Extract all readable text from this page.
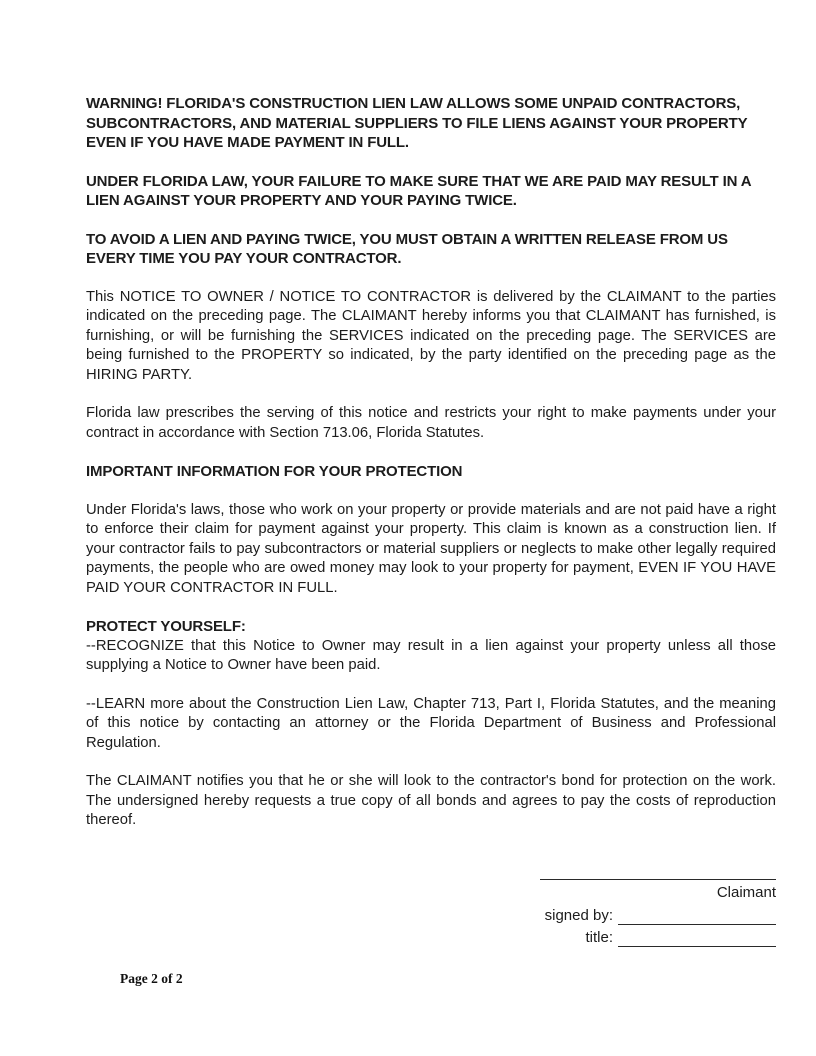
WARNING! FLORIDA'S CONSTRUCTION LIEN LAW ALLOWS SOME UNPAID CONTRACTORS, SUBCONTRACTORS, AND MATERIAL SUPPLIERS TO FILE LIENS AGAINST YOUR PROPERTY EVEN IF YOU HAVE MADE PAYMENT IN FULL.

UNDER FLORIDA LAW, YOUR FAILURE TO MAKE SURE THAT WE ARE PAID MAY RESULT IN A LIEN AGAINST YOUR PROPERTY AND YOUR PAYING TWICE.

TO AVOID A LIEN AND PAYING TWICE, YOU MUST OBTAIN A WRITTEN RELEASE FROM US EVERY TIME YOU PAY YOUR CONTRACTOR.

This NOTICE TO OWNER / NOTICE TO CONTRACTOR is delivered by the CLAIMANT to the parties indicated on the preceding page. The CLAIMANT hereby informs you that CLAIMANT has furnished, is furnishing, or will be furnishing the SERVICES indicated on the preceding page. The SERVICES are being furnished to the PROPERTY so indicated, by the party identified on the preceding page as the HIRING PARTY.

Florida law prescribes the serving of this notice and restricts your right to make payments under your contract in accordance with Section 713.06, Florida Statutes.

IMPORTANT INFORMATION FOR YOUR PROTECTION

Under Florida's laws, those who work on your property or provide materials and are not paid have a right to enforce their claim for payment against your property. This claim is known as a construction lien. If your contractor fails to pay subcontractors or material suppliers or neglects to make other legally required payments, the people who are owed money may look to your property for payment, EVEN IF YOU HAVE PAID YOUR CONTRACTOR IN FULL.

PROTECT YOURSELF:

--RECOGNIZE that this Notice to Owner may result in a lien against your property unless all those supplying a Notice to Owner have been paid.

--LEARN more about the Construction Lien Law, Chapter 713, Part I, Florida Statutes, and the meaning of this notice by contacting an attorney or the Florida Department of Business and Professional Regulation.

The CLAIMANT notifies you that he or she will look to the contractor's bond for protection on the work. The undersigned hereby requests a true copy of all bonds and agrees to pay the costs of reproduction thereof.

Claimant
signed by:
title:
Page 2 of 2
